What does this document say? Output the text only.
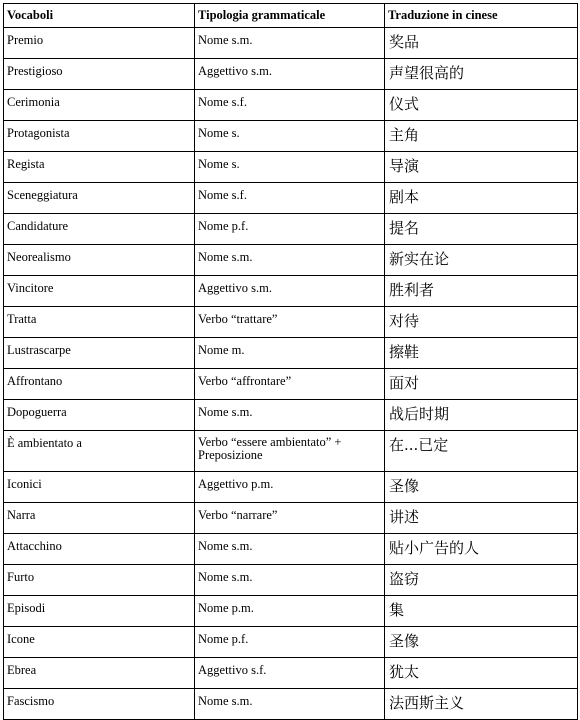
Vocaboli	Tipologia grammaticale	Traduzione in cinese
Premio	Nome s.m.	奖品
Prestigioso	Aggettivo s.m.	声望很高的
Cerimonia	Nome s.f.	仪式
Protagonista	Nome s.	主角
Regista	Nome s.	导演
Sceneggiatura	Nome s.f.	剧本
Candidature	Nome p.f.	提名
Neorealismo	Nome s.m.	新实在论
Vincitore	Aggettivo s.m.	胜利者
Tratta	Verbo “trattare”	对待
Lustrascarpe	Nome m.	擦鞋
Affrontano	Verbo “affrontare”	面对
Dopoguerra	Nome s.m.	战后时期
È ambientato a	Verbo “essere ambientato” + Preposizione	在...已定
Iconici	Aggettivo p.m.	圣像
Narra	Verbo “narrare”	讲述
Attacchino	Nome s.m.	贴小广告的人
Furto	Nome s.m.	盗窃
Episodi	Nome p.m.	集
Icone	Nome p.f.	圣像
Ebrea	Aggettivo s.f.	犹太
Fascismo	Nome s.m.	法西斯主义
